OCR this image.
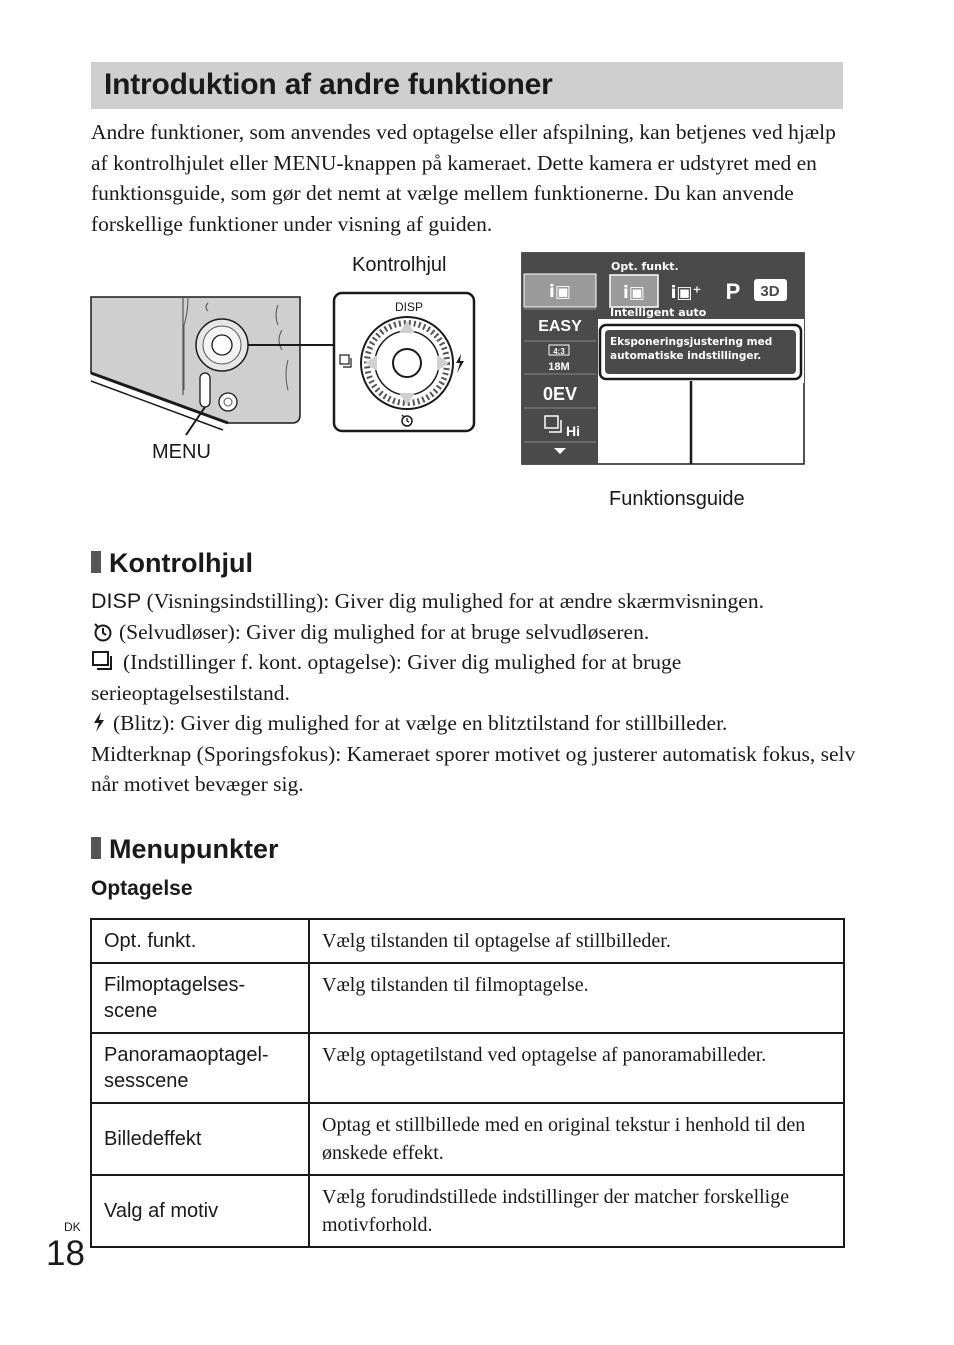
Introduktion af andre funktioner
Andre funktioner, som anvendes ved optagelse eller afspilning, kan betjenes ved hjælp af kontrolhjulet eller MENU-knappen på kameraet. Dette kamera er udstyret med en funktionsguide, som gør det nemt at vælge mellem funktionerne. Du kan anvende forskellige funktioner under visning af guiden.
Kontrolhjul
MENU
Funktionsguide
DISP
i▣
EASY
4:3
18M
0EV
Hi
Opt. funkt.
i▣ i▣⁺ P 3D
Intelligent auto
Eksponeringsjustering med
automatiske indstillinger.
Kontrolhjul

DISP (Visningsindstilling): Giver dig mulighed for at ændre skærmvisningen.

(Selvudløser): Giver dig mulighed for at bruge selvudløseren.

(Indstillinger f. kont. optagelse): Giver dig mulighed for at bruge serieoptagelsestilstand.

(Blitz): Giver dig mulighed for at vælge en blitztilstand for stillbilleder.

Midterknap (Sporingsfokus): Kameraet sporer motivet og justerer automatisk fokus, selv når motivet bevæger sig.

Menupunkter
Optagelse
Opt. funkt.	Vælg tilstanden til optagelse af stillbilleder.
Filmoptagelses-scene	Vælg tilstanden til filmoptagelse.
Panoramaoptagel-sesscene	Vælg optagetilstand ved optagelse af panoramabilleder.
Billedeffekt	Optag et stillbillede med en original tekstur i henhold til den ønskede effekt.
Valg af motiv	Vælg forudindstillede indstillinger der matcher forskellige motivforhold.
DK
18
